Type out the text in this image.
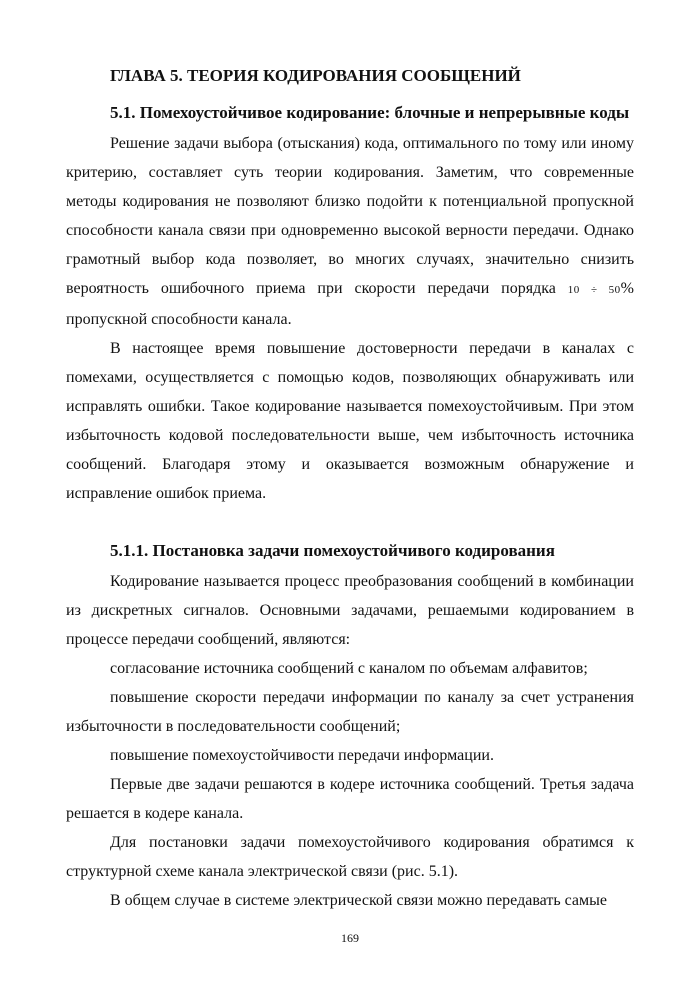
ГЛАВА 5. ТЕОРИЯ КОДИРОВАНИЯ СООБЩЕНИЙ
5.1. Помехоустойчивое кодирование: блочные и непрерывные коды

Решение задачи выбора (отыскания) кода, оптимального по тому или иному критерию, составляет суть теории кодирования. Заметим, что современные методы кодирования не позволяют близко подойти к потенциальной пропускной способности канала связи при одновременно высокой верности передачи. Однако грамотный выбор кода позволяет, во многих случаях, значительно снизить вероятность ошибочного приема при скорости передачи порядка 10 ÷ 50% пропускной способности канала.

В настоящее время повышение достоверности передачи в каналах с помехами, осуществляется с помощью кодов, позволяющих обнаруживать или исправлять ошибки. Такое кодирование называется помехоустойчивым. При этом избыточность кодовой последовательности выше, чем избыточность источника сообщений. Благодаря этому и оказывается возможным обнаружение и исправление ошибок приема.

5.1.1. Постановка задачи помехоустойчивого кодирования

Кодирование называется процесс преобразования сообщений в комбинации из дискретных сигналов. Основными задачами, решаемыми кодированием в процессе передачи сообщений, являются:

согласование источника сообщений с каналом по объемам алфавитов;

повышение скорости передачи информации по каналу за счет устранения избыточности в последовательности сообщений;

повышение помехоустойчивости передачи информации.

Первые две задачи решаются в кодере источника сообщений. Третья задача решается в кодере канала.

Для постановки задачи помехоустойчивого кодирования обратимся к структурной схеме канала электрической связи (рис. 5.1).

В общем случае в системе электрической связи можно передавать самые

169
